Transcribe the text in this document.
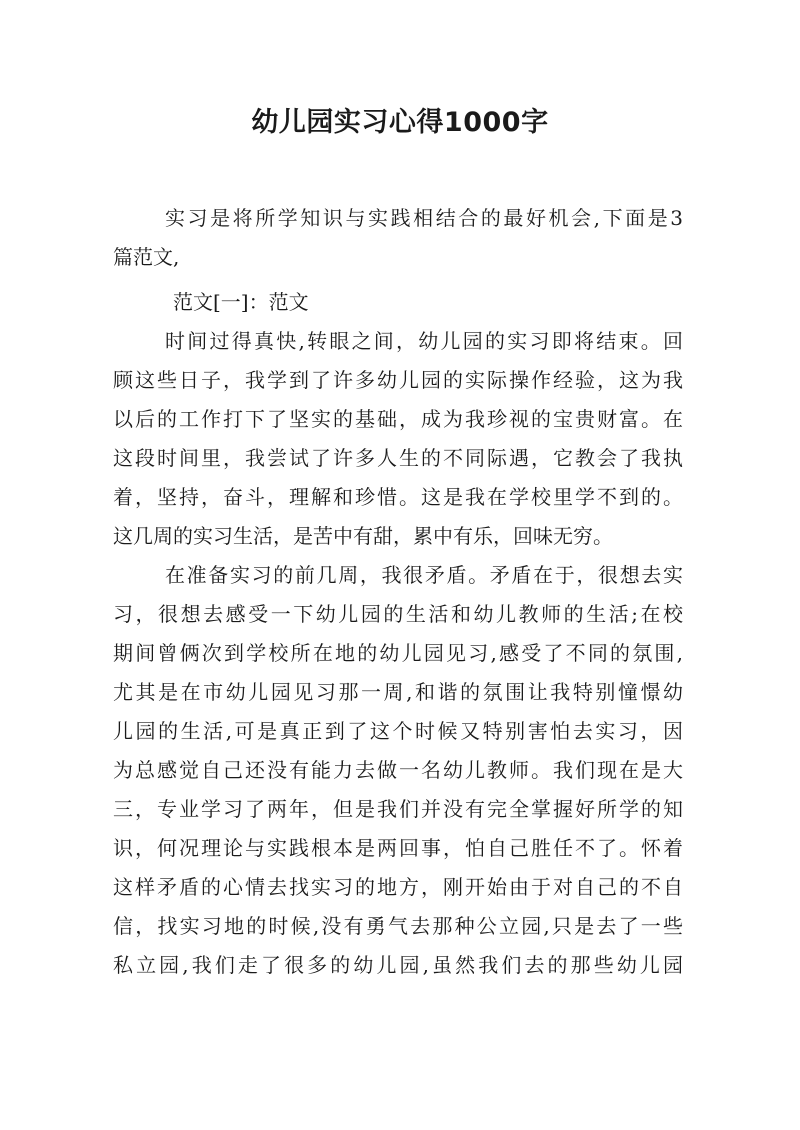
幼儿园实习心得1000字
实习是将所学知识与实践相结合的最好机会,下面是3
篇范文,
范文[一]：范文
时间过得真快,转眼之间，幼儿园的实习即将结束。回
顾这些日子，我学到了许多幼儿园的实际操作经验，这为我
以后的工作打下了坚实的基础，成为我珍视的宝贵财富。在
这段时间里，我尝试了许多人生的不同际遇，它教会了我执
着，坚持，奋斗，理解和珍惜。这是我在学校里学不到的。
这几周的实习生活，是苦中有甜，累中有乐，回味无穷。
在准备实习的前几周，我很矛盾。矛盾在于，很想去实
习，很想去感受一下幼儿园的生活和幼儿教师的生活;在校
期间曾俩次到学校所在地的幼儿园见习,感受了不同的氛围,
尤其是在市幼儿园见习那一周,和谐的氛围让我特别憧憬幼
儿园的生活,可是真正到了这个时候又特别害怕去实习，因
为总感觉自己还没有能力去做一名幼儿教师。我们现在是大
三，专业学习了两年，但是我们并没有完全掌握好所学的知
识，何况理论与实践根本是两回事，怕自己胜任不了。怀着
这样矛盾的心情去找实习的地方，刚开始由于对自己的不自
信，找实习地的时候,没有勇气去那种公立园,只是去了一些
私立园,我们走了很多的幼儿园,虽然我们去的那些幼儿园
